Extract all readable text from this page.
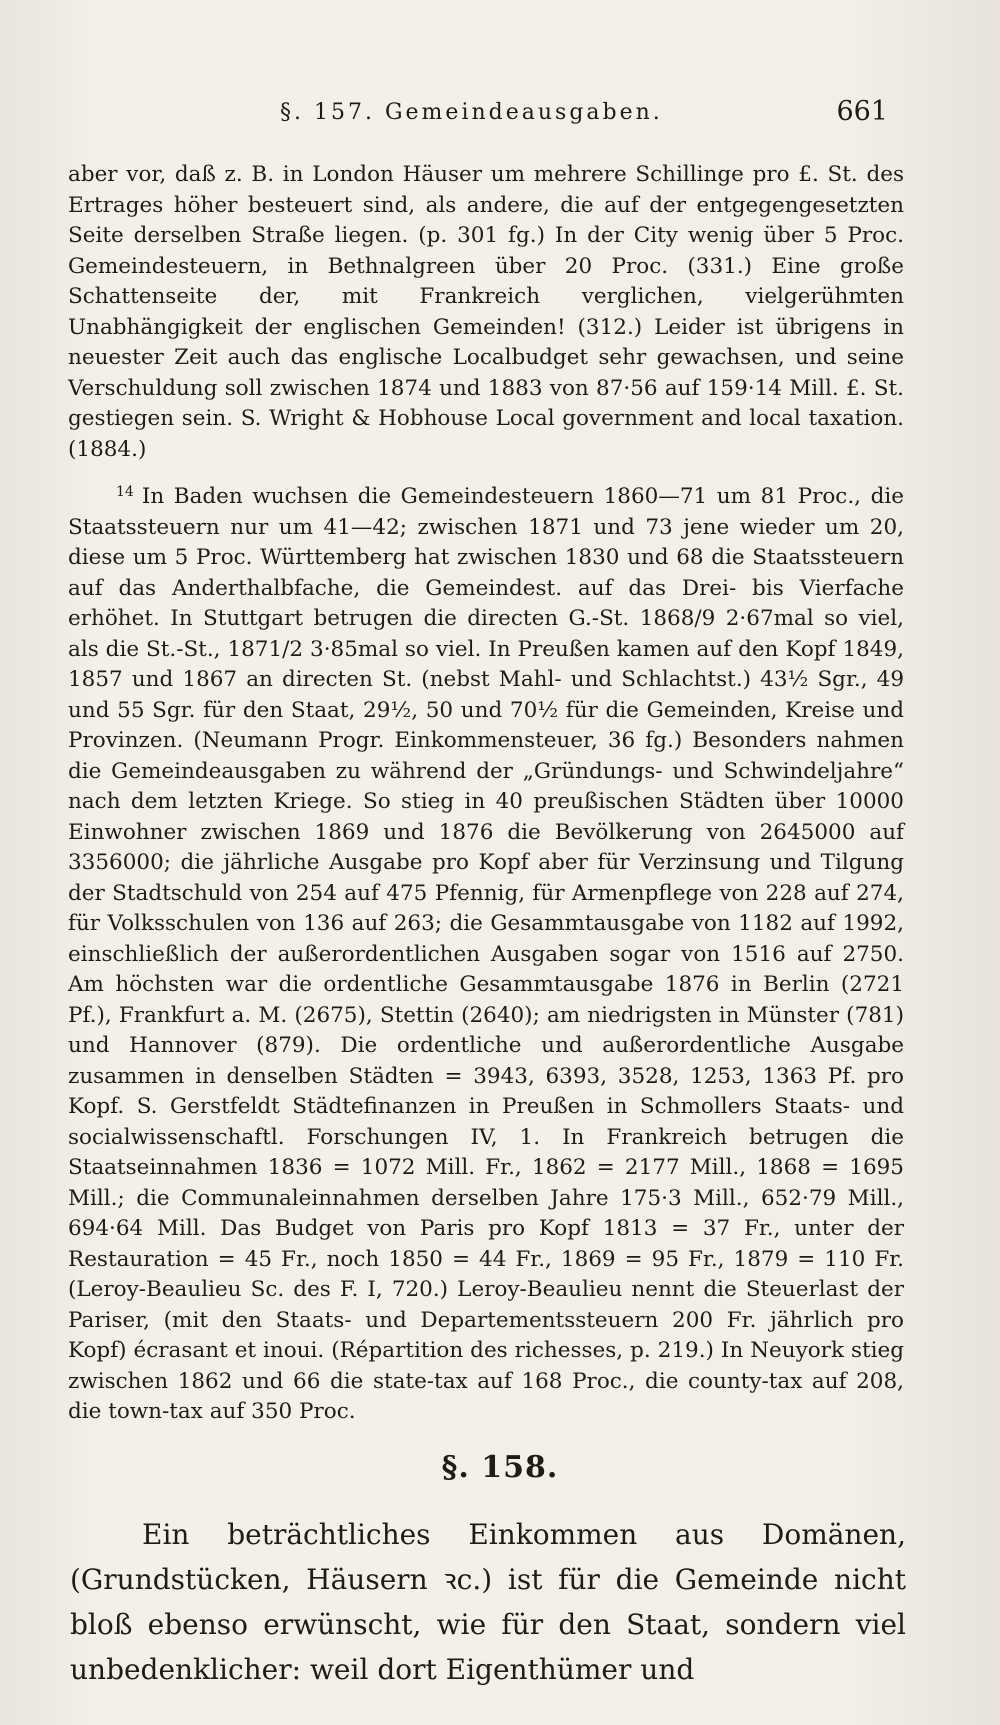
§. 157. Gemeindeausgaben.	661

aber vor, daß z. B. in London Häuser um mehrere Schillinge pro £. St. des Ertrages höher besteuert sind, als andere, die auf der entgegengesetzten Seite derselben Straße liegen. (p. 301 fg.) In der City wenig über 5 Proc. Gemeindesteuern, in Bethnalgreen über 20 Proc. (331.) Eine große Schattenseite der, mit Frankreich verglichen, vielgerühmten Unabhängigkeit der englischen Gemeinden! (312.) Leider ist übrigens in neuester Zeit auch das englische Localbudget sehr gewachsen, und seine Verschuldung soll zwischen 1874 und 1883 von 87·56 auf 159·14 Mill. £. St. gestiegen sein. S. Wright & Hobhouse Local government and local taxation. (1884.)

$^{14}$ In Baden wuchsen die Gemeindesteuern 1860—71 um 81 Proc., die Staatssteuern nur um 41—42; zwischen 1871 und 73 jene wieder um 20, diese um 5 Proc. Württemberg hat zwischen 1830 und 68 die Staatssteuern auf das Anderthalbfache, die Gemeindest. auf das Drei- bis Vierfache erhöhet. In Stuttgart betrugen die directen G.-St. 1868/9 2·67mal so viel, als die St.-St., 1871/2 3·85mal so viel. In Preußen kamen auf den Kopf 1849, 1857 und 1867 an directen St. (nebst Mahl- und Schlachtst.) 43½ Sgr., 49 und 55 Sgr. für den Staat, 29½, 50 und 70½ für die Gemeinden, Kreise und Provinzen. (Neumann Progr. Einkommensteuer, 36 fg.) Besonders nahmen die Gemeindeausgaben zu während der „Gründungs- und Schwindeljahre“ nach dem letzten Kriege. So stieg in 40 preußischen Städten über 10000 Einwohner zwischen 1869 und 1876 die Bevölkerung von 2645000 auf 3356000; die jährliche Ausgabe pro Kopf aber für Verzinsung und Tilgung der Stadtschuld von 254 auf 475 Pfennig, für Armenpflege von 228 auf 274, für Volksschulen von 136 auf 263; die Gesammtausgabe von 1182 auf 1992, einschließlich der außerordentlichen Ausgaben sogar von 1516 auf 2750. Am höchsten war die ordentliche Gesammtausgabe 1876 in Berlin (2721 Pf.), Frankfurt a. M. (2675), Stettin (2640); am niedrigsten in Münster (781) und Hannover (879). Die ordentliche und außerordentliche Ausgabe zusammen in denselben Städten = 3943, 6393, 3528, 1253, 1363 Pf. pro Kopf. S. Gerstfeldt Städtefinanzen in Preußen in Schmollers Staats- und socialwissenschaftl. Forschungen IV, 1. In Frankreich betrugen die Staatseinnahmen 1836 = 1072 Mill. Fr., 1862 = 2177 Mill., 1868 = 1695 Mill.; die Communaleinnahmen derselben Jahre 175·3 Mill., 652·79 Mill., 694·64 Mill. Das Budget von Paris pro Kopf 1813 = 37 Fr., unter der Restauration = 45 Fr., noch 1850 = 44 Fr., 1869 = 95 Fr., 1879 = 110 Fr. (Leroy-Beaulieu Sc. des F. I, 720.) Leroy-Beaulieu nennt die Steuerlast der Pariser, (mit den Staats- und Departementssteuern 200 Fr. jährlich pro Kopf) écrasant et inoui. (Répartition des richesses, p. 219.) In Neuyork stieg zwischen 1862 und 66 die state-tax auf 168 Proc., die county-tax auf 208, die town-tax auf 350 Proc.

§. 158.

Ein beträchtliches Einkommen aus Domänen, (Grundstücken, Häusern ꝛc.) ist für die Gemeinde nicht bloß ebenso erwünscht, wie für den Staat, sondern viel unbedenklicher: weil dort Eigenthümer und
